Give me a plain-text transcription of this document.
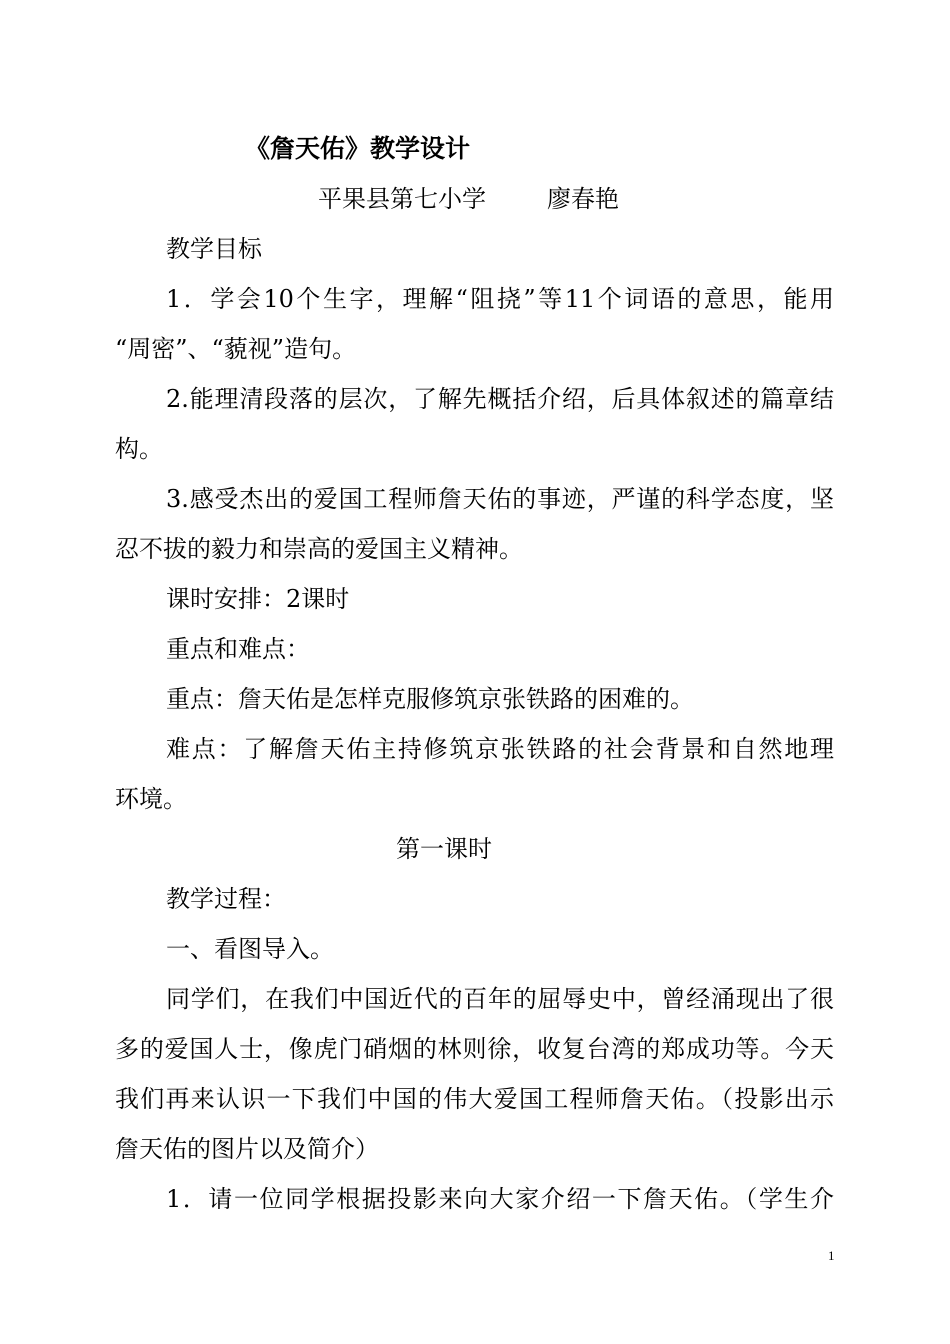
《詹天佑》教学设计

平果县第七小学        廖春艳

教学目标

1．学会10个生字，理解“阻挠”等11个词语的意思，能用

“周密”、“藐视”造句。

2.能理清段落的层次，了解先概括介绍，后具体叙述的篇章结

构。

3.感受杰出的爱国工程师詹天佑的事迹，严谨的科学态度，坚

忍不拔的毅力和崇高的爱国主义精神。

课时安排：2课时

重点和难点：

重点：詹天佑是怎样克服修筑京张铁路的困难的。

难点：了解詹天佑主持修筑京张铁路的社会背景和自然地理

环境。

第一课时

教学过程：

一、看图导入。

同学们，在我们中国近代的百年的屈辱史中，曾经涌现出了很

多的爱国人士，像虎门硝烟的林则徐，收复台湾的郑成功等。今天

我们再来认识一下我们中国的伟大爱国工程师詹天佑。（投影出示

詹天佑的图片以及简介）

1．请一位同学根据投影来向大家介绍一下詹天佑。（学生介

1
